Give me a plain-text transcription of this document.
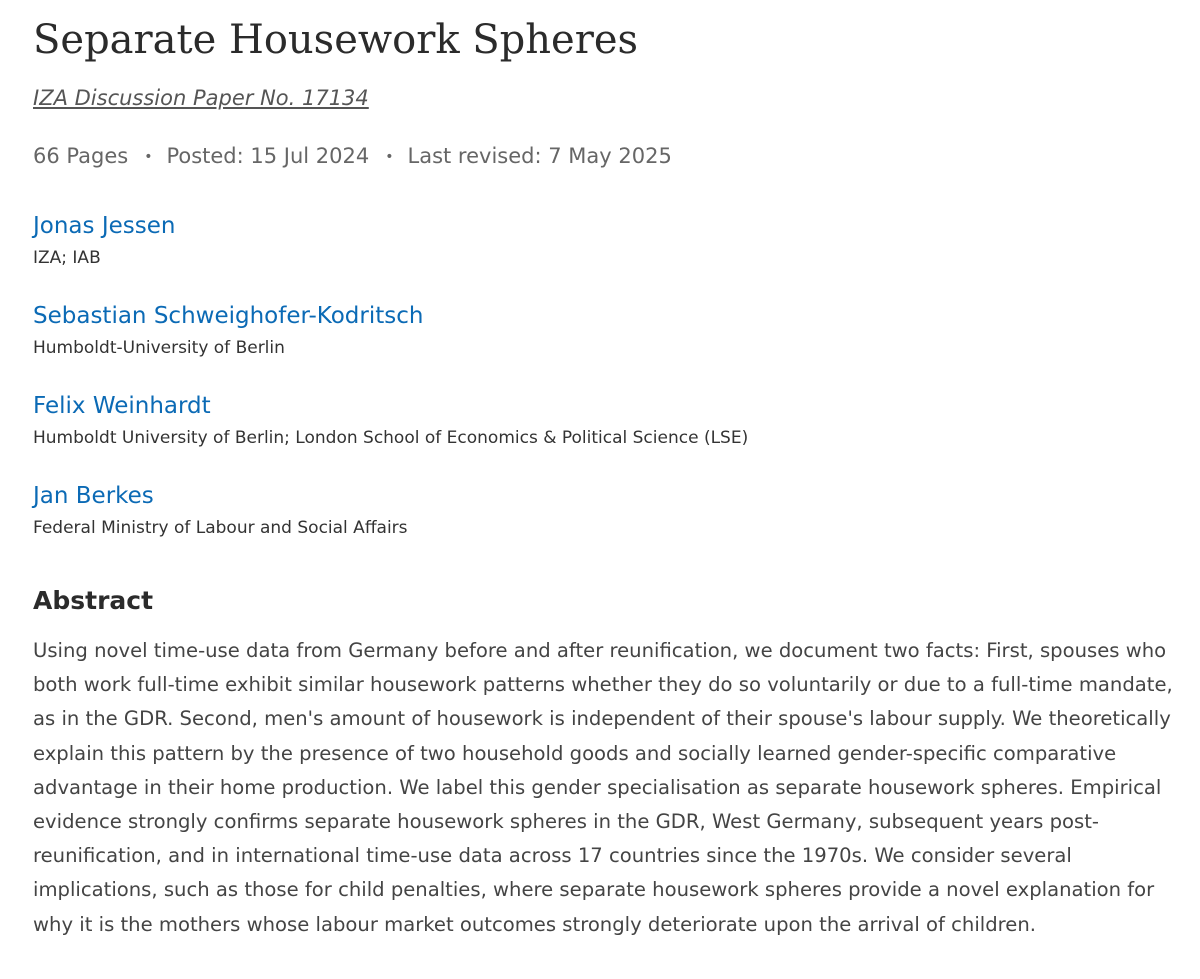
Separate Housework Spheres
IZA Discussion Paper No. 17134
66 Pages • Posted: 15 Jul 2024 • Last revised: 7 May 2025
Jonas Jessen
IZA; IAB
Sebastian Schweighofer-Kodritsch
Humboldt-University of Berlin
Felix Weinhardt
Humboldt University of Berlin; London School of Economics & Political Science (LSE)
Jan Berkes
Federal Ministry of Labour and Social Affairs
Abstract

Using novel time-use data from Germany before and after reunification, we document two facts: First, spouses who both work full-time exhibit similar housework patterns whether they do so voluntarily or due to a full-time mandate, as in the GDR. Second, men's amount of housework is independent of their spouse's labour supply. We theoretically explain this pattern by the presence of two household goods and socially learned gender-specific comparative advantage in their home production. We label this gender specialisation as separate housework spheres. Empirical evidence strongly confirms separate housework spheres in the GDR, West Germany, subsequent years post-reunification, and in international time-use data across 17 countries since the 1970s. We consider several implications, such as those for child penalties, where separate housework spheres provide a novel explanation for why it is the mothers whose labour market outcomes strongly deteriorate upon the arrival of children.
